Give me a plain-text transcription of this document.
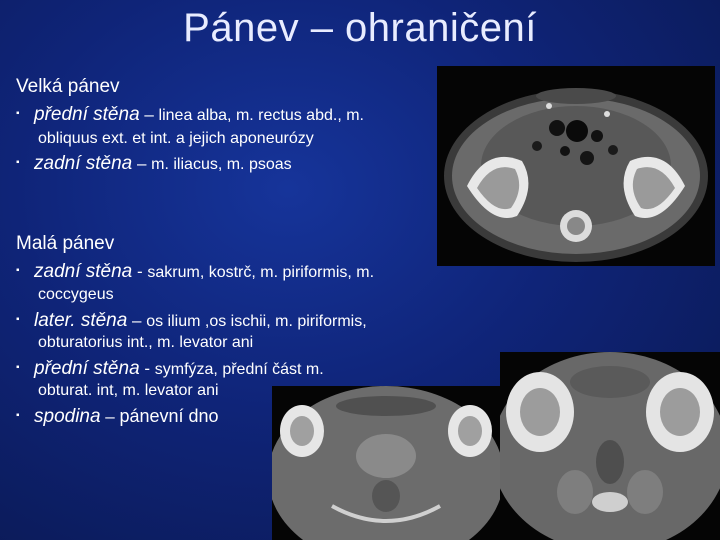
Pánev – ohraničení
Velká pánev
▪ přední stěna – linea alba, m. rectus abd., m.
obliquus ext. et int. a jejich aponeurózy
▪ zadní stěna – m. iliacus, m. psoas
Malá pánev
▪ zadní stěna - sakrum, kostrč, m. piriformis, m.
coccygeus
▪ later. stěna – os ilium ,os ischii, m. piriformis,
obturatorius int., m. levator ani
▪ přední stěna - symfýza, přední část m.
obturat. int, m. levator ani
▪ spodina – pánevní dno
